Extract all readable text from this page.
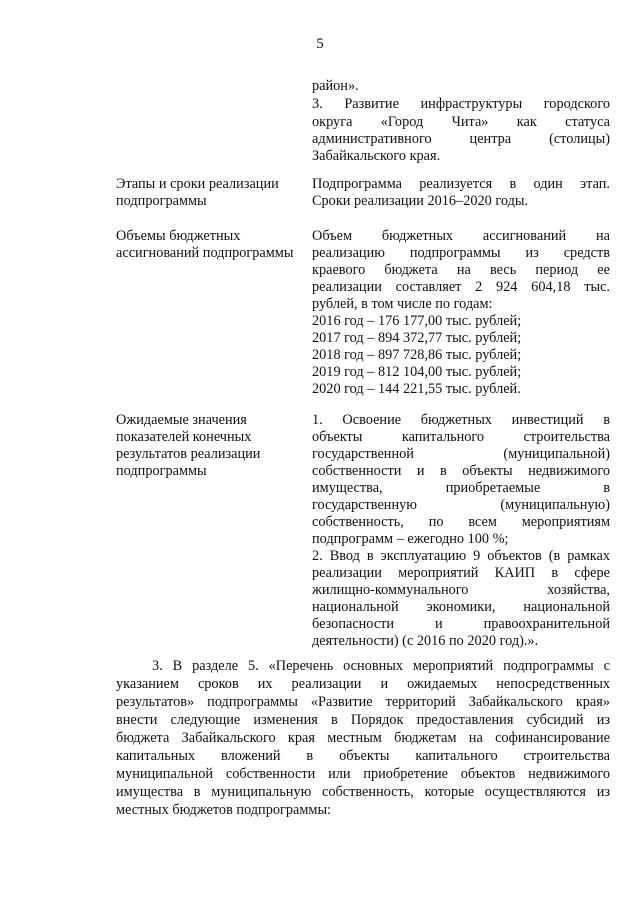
5
район».
3. Развитие инфраструктуры городского
округа «Город Чита» как статуса
административного центра (столицы)
Забайкальского края.
Этапы и сроки реализации
подпрограммы
Подпрограмма реализуется в один этап.
Сроки реализации 2016–2020 годы.
Объемы бюджетных
ассигнований подпрограммы
Объем бюджетных ассигнований на
реализацию подпрограммы из средств
краевого бюджета на весь период ее
реализации составляет 2 924 604,18 тыс.
рублей, в том числе по годам:
2016 год – 176 177,00 тыс. рублей;
2017 год – 894 372,77 тыс. рублей;
2018 год – 897 728,86 тыс. рублей;
2019 год – 812 104,00 тыс. рублей;
2020 год – 144 221,55 тыс. рублей.
Ожидаемые значения
показателей конечных
результатов реализации
подпрограммы
1. Освоение бюджетных инвестиций в
объекты капитального строительства
государственной (муниципальной)
собственности и в объекты недвижимого
имущества, приобретаемые в
государственную (муниципальную)
собственность, по всем мероприятиям
подпрограмм – ежегодно 100 %;
2. Ввод в эксплуатацию 9 объектов (в рамках
реализации мероприятий КАИП в сфере
жилищно-коммунального хозяйства,
национальной экономики, национальной
безопасности и правоохранительной
деятельности) (с 2016 по 2020 год).».
3. В разделе 5. «Перечень основных мероприятий подпрограммы с
указанием сроков их реализации и ожидаемых непосредственных
результатов» подпрограммы «Развитие территорий Забайкальского края»
внести следующие изменения в Порядок предоставления субсидий из
бюджета Забайкальского края местным бюджетам на софинансирование
капитальных вложений в объекты капитального строительства
муниципальной собственности или приобретение объектов недвижимого
имущества в муниципальную собственность, которые осуществляются из
местных бюджетов подпрограммы:
